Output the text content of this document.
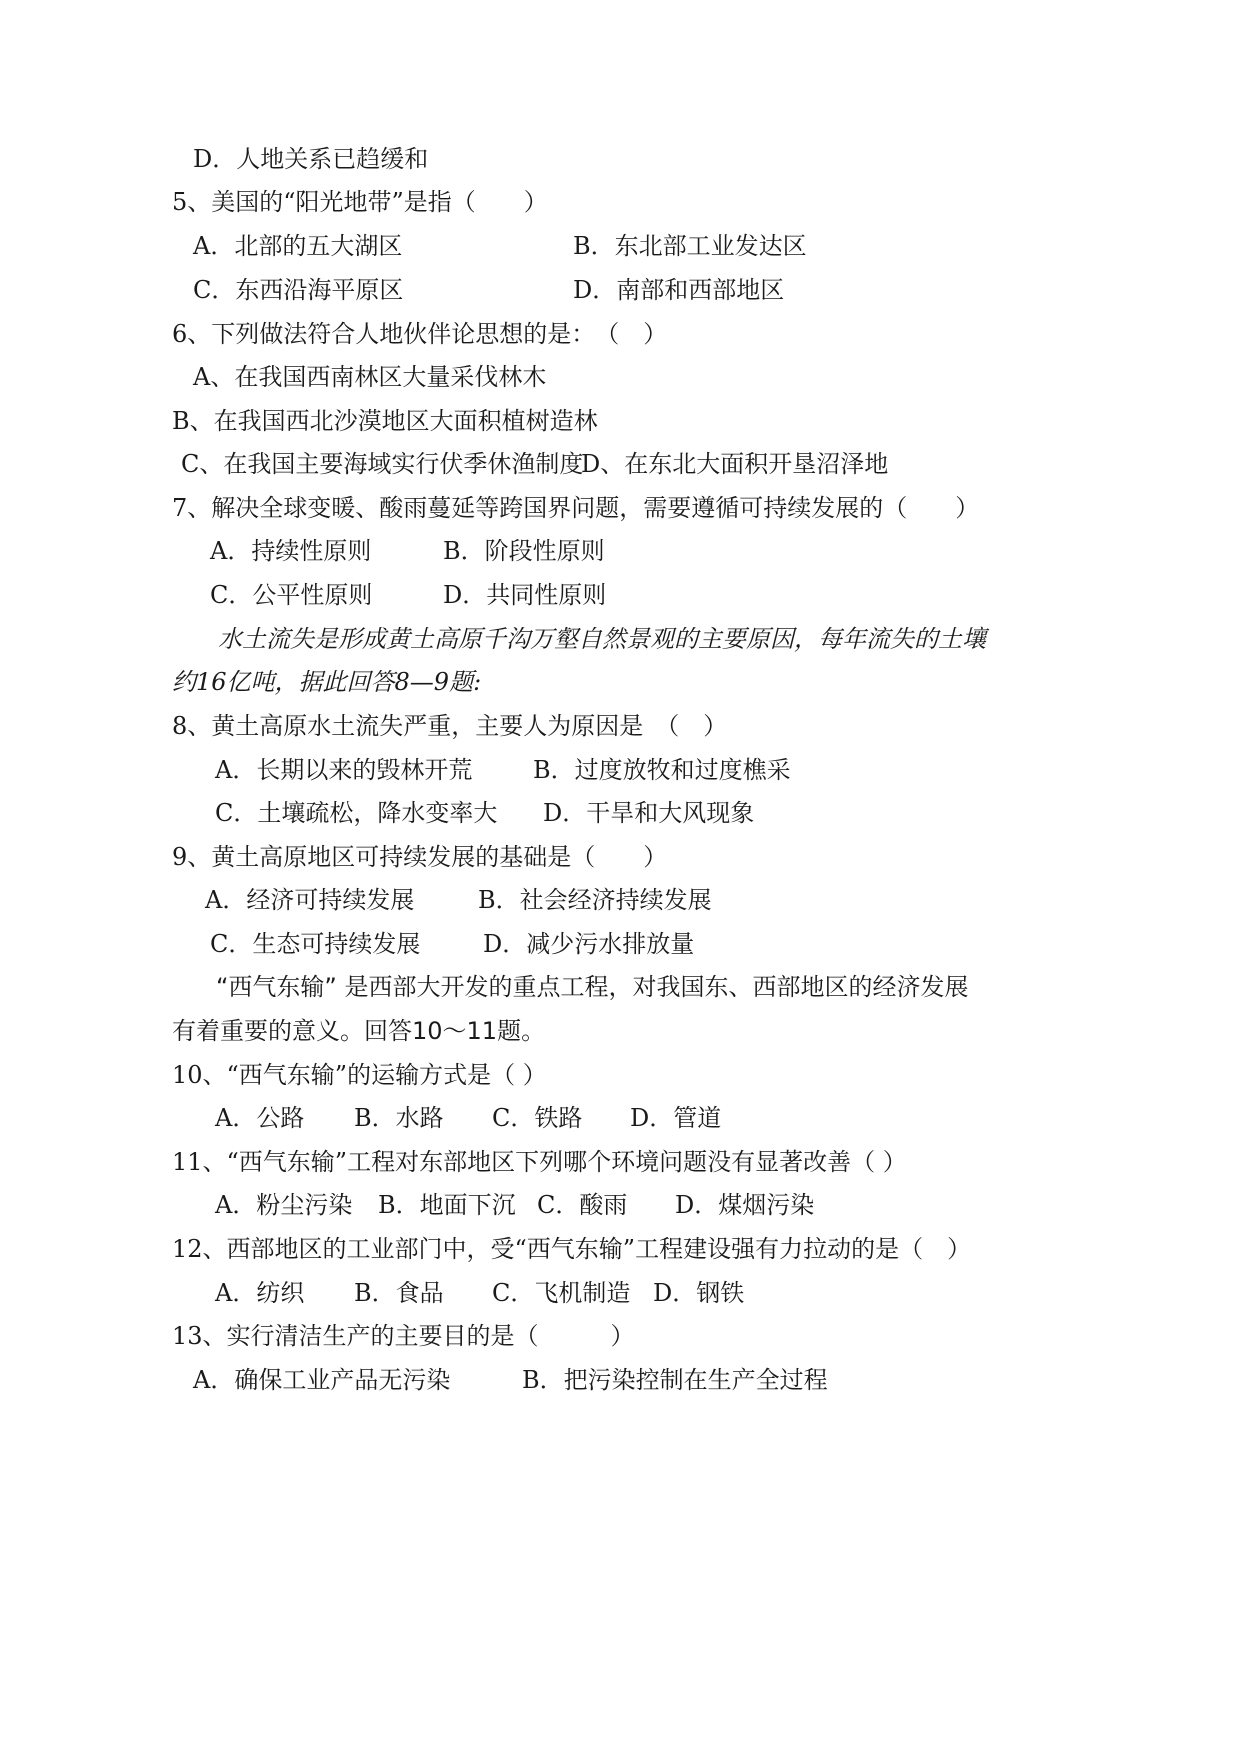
D．人地关系已趋缓和
5、美国的“阳光地带”是指（　　）
A．北部的五大湖区	B．东北部工业发达区
C．东西沿海平原区	D．南部和西部地区
6、下列做法符合人地伙伴论思想的是：　（　）
A、在我国西南林区大量采伐林木
B、在我国西北沙漠地区大面积植树造林
C、在我国主要海域实行伏季休渔制度
D、在东北大面积开垦沼泽地
7、解决全球变暖、酸雨蔓延等跨国界问题，需要遵循可持续发展的（　　）
A．持续性原则	B．阶段性原则
C．公平性原则	D．共同性原则
水土流失是形成黄土高原千沟万壑自然景观的主要原因，每年流失的土壤
约16亿吨，据此回答8—9题:
8、黄土高原水土流失严重，主要人为原因是　（　）
A．长期以来的毁林开荒	B．过度放牧和过度樵采
C．土壤疏松，降水变率大 D．干旱和大风现象
9、黄土高原地区可持续发展的基础是（　　）
A．经济可持续发展	B．社会经济持续发展
C．生态可持续发展	D．减少污水排放量
“西气东输” 是西部大开发的重点工程，对我国东、西部地区的经济发展
有着重要的意义。回答10～11题。
10、“西气东输”的运输方式是（ ）
A．公路 B．水路 C．铁路 D．管道
11、“西气东输”工程对东部地区下列哪个环境问题没有显著改善（ ）
A．粉尘污染 B．地面下沉 C．酸雨 D．煤烟污染
12、西部地区的工业部门中，受“西气东输”工程建设强有力拉动的是（　）
A．纺织 B．食品 C．飞机制造 D．钢铁
13、实行清洁生产的主要目的是（　　　）
A．确保工业产品无污染	B．把污染控制在生产全过程
